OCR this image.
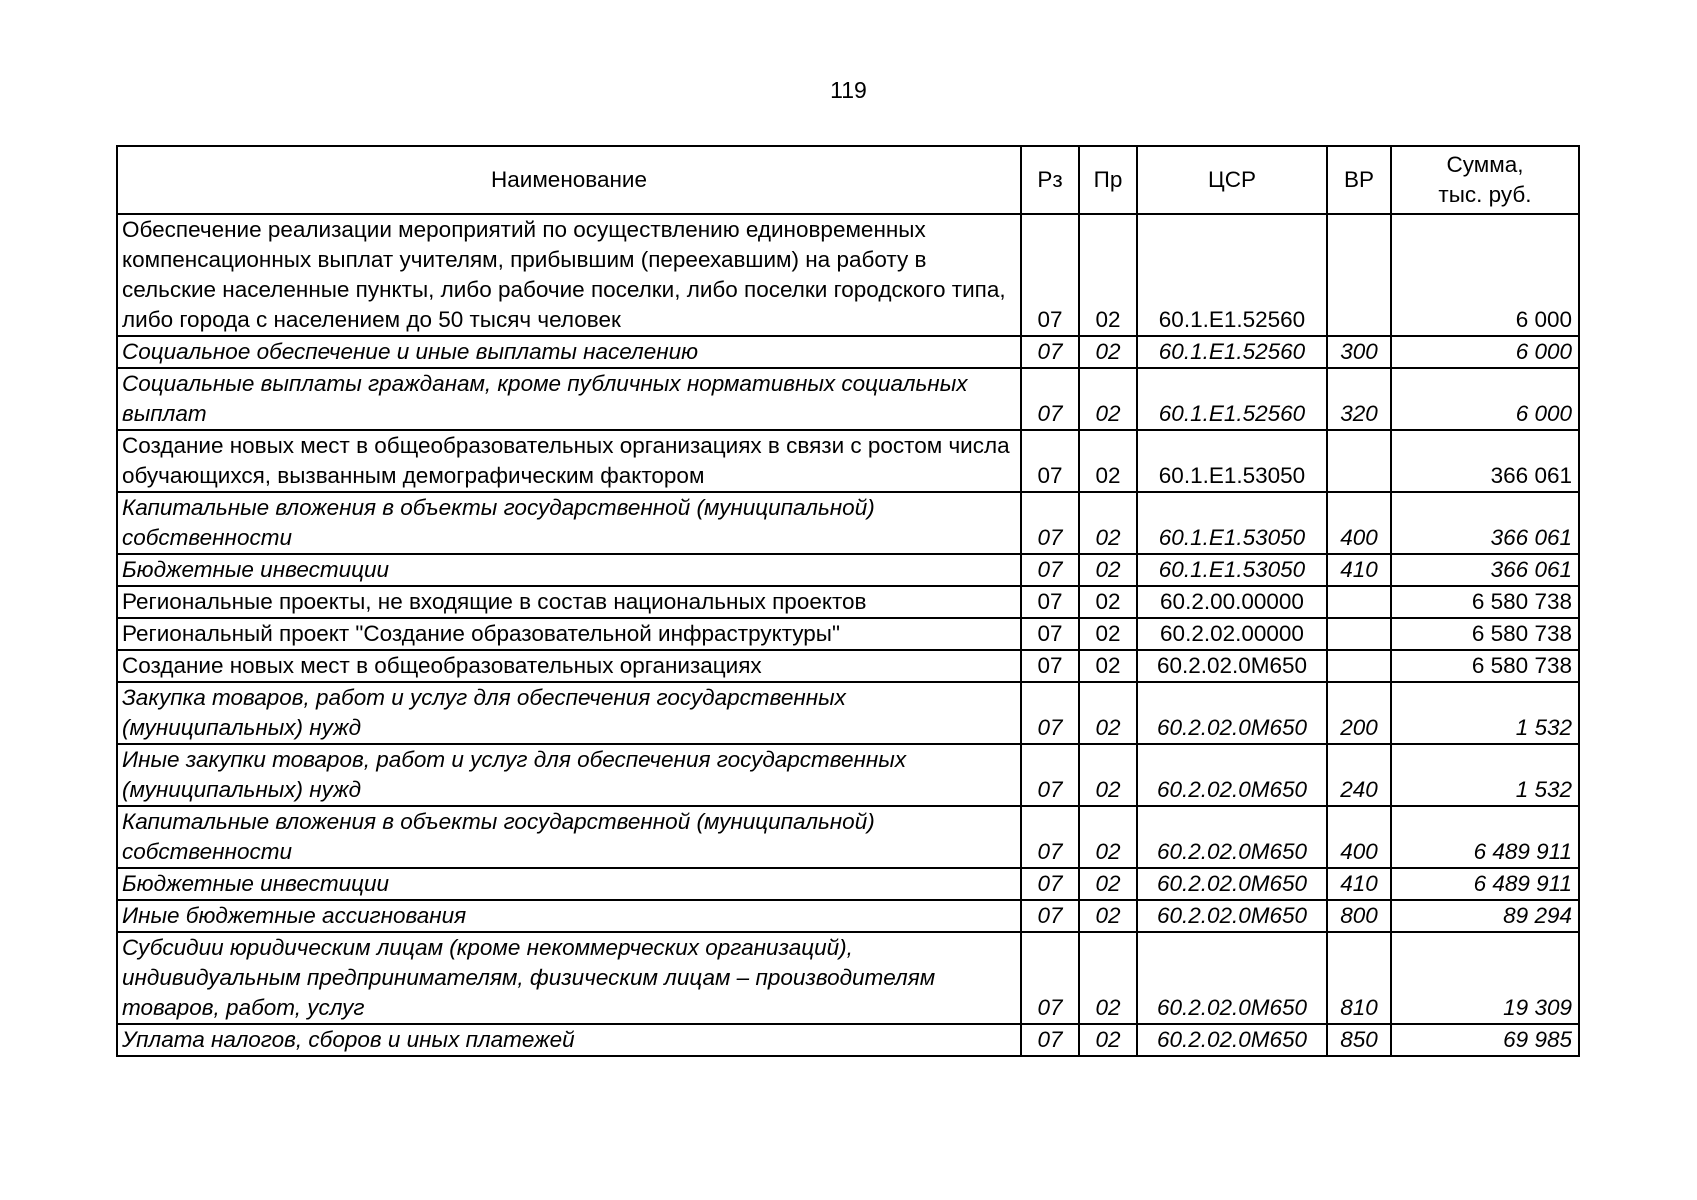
119
Наименование	Рз	Пр	ЦСР	ВР	Сумма,
тыс. руб.
Обеспечение реализации мероприятий по осуществлению единовременных компенсационных выплат учителям, прибывшим (переехавшим) на работу в сельские населенные пункты, либо рабочие поселки, либо поселки городского типа, либо города с населением до 50 тысяч человек	07	02	60.1.Е1.52560		6 000
Социальное обеспечение и иные выплаты населению	07	02	60.1.Е1.52560	300	6 000
Социальные выплаты гражданам, кроме публичных нормативных социальных выплат	07	02	60.1.Е1.52560	320	6 000
Создание новых мест в общеобразовательных организациях в связи с ростом числа обучающихся, вызванным демографическим фактором	07	02	60.1.Е1.53050		366 061
Капитальные вложения в объекты государственной (муниципальной) собственности	07	02	60.1.Е1.53050	400	366 061
Бюджетные инвестиции	07	02	60.1.Е1.53050	410	366 061
Региональные проекты, не входящие в состав национальных проектов	07	02	60.2.00.00000		6 580 738
Региональный проект "Создание образовательной инфраструктуры"	07	02	60.2.02.00000		6 580 738
Создание новых мест в общеобразовательных организациях	07	02	60.2.02.0М650		6 580 738
Закупка товаров, работ и услуг для обеспечения государственных (муниципальных) нужд	07	02	60.2.02.0М650	200	1 532
Иные закупки товаров, работ и услуг для обеспечения государственных (муниципальных) нужд	07	02	60.2.02.0М650	240	1 532
Капитальные вложения в объекты государственной (муниципальной) собственности	07	02	60.2.02.0М650	400	6 489 911
Бюджетные инвестиции	07	02	60.2.02.0М650	410	6 489 911
Иные бюджетные ассигнования	07	02	60.2.02.0М650	800	89 294
Субсидии юридическим лицам (кроме некоммерческих организаций), индивидуальным предпринимателям, физическим лицам – производителям товаров, работ, услуг	07	02	60.2.02.0М650	810	19 309
Уплата налогов, сборов и иных платежей	07	02	60.2.02.0М650	850	69 985
